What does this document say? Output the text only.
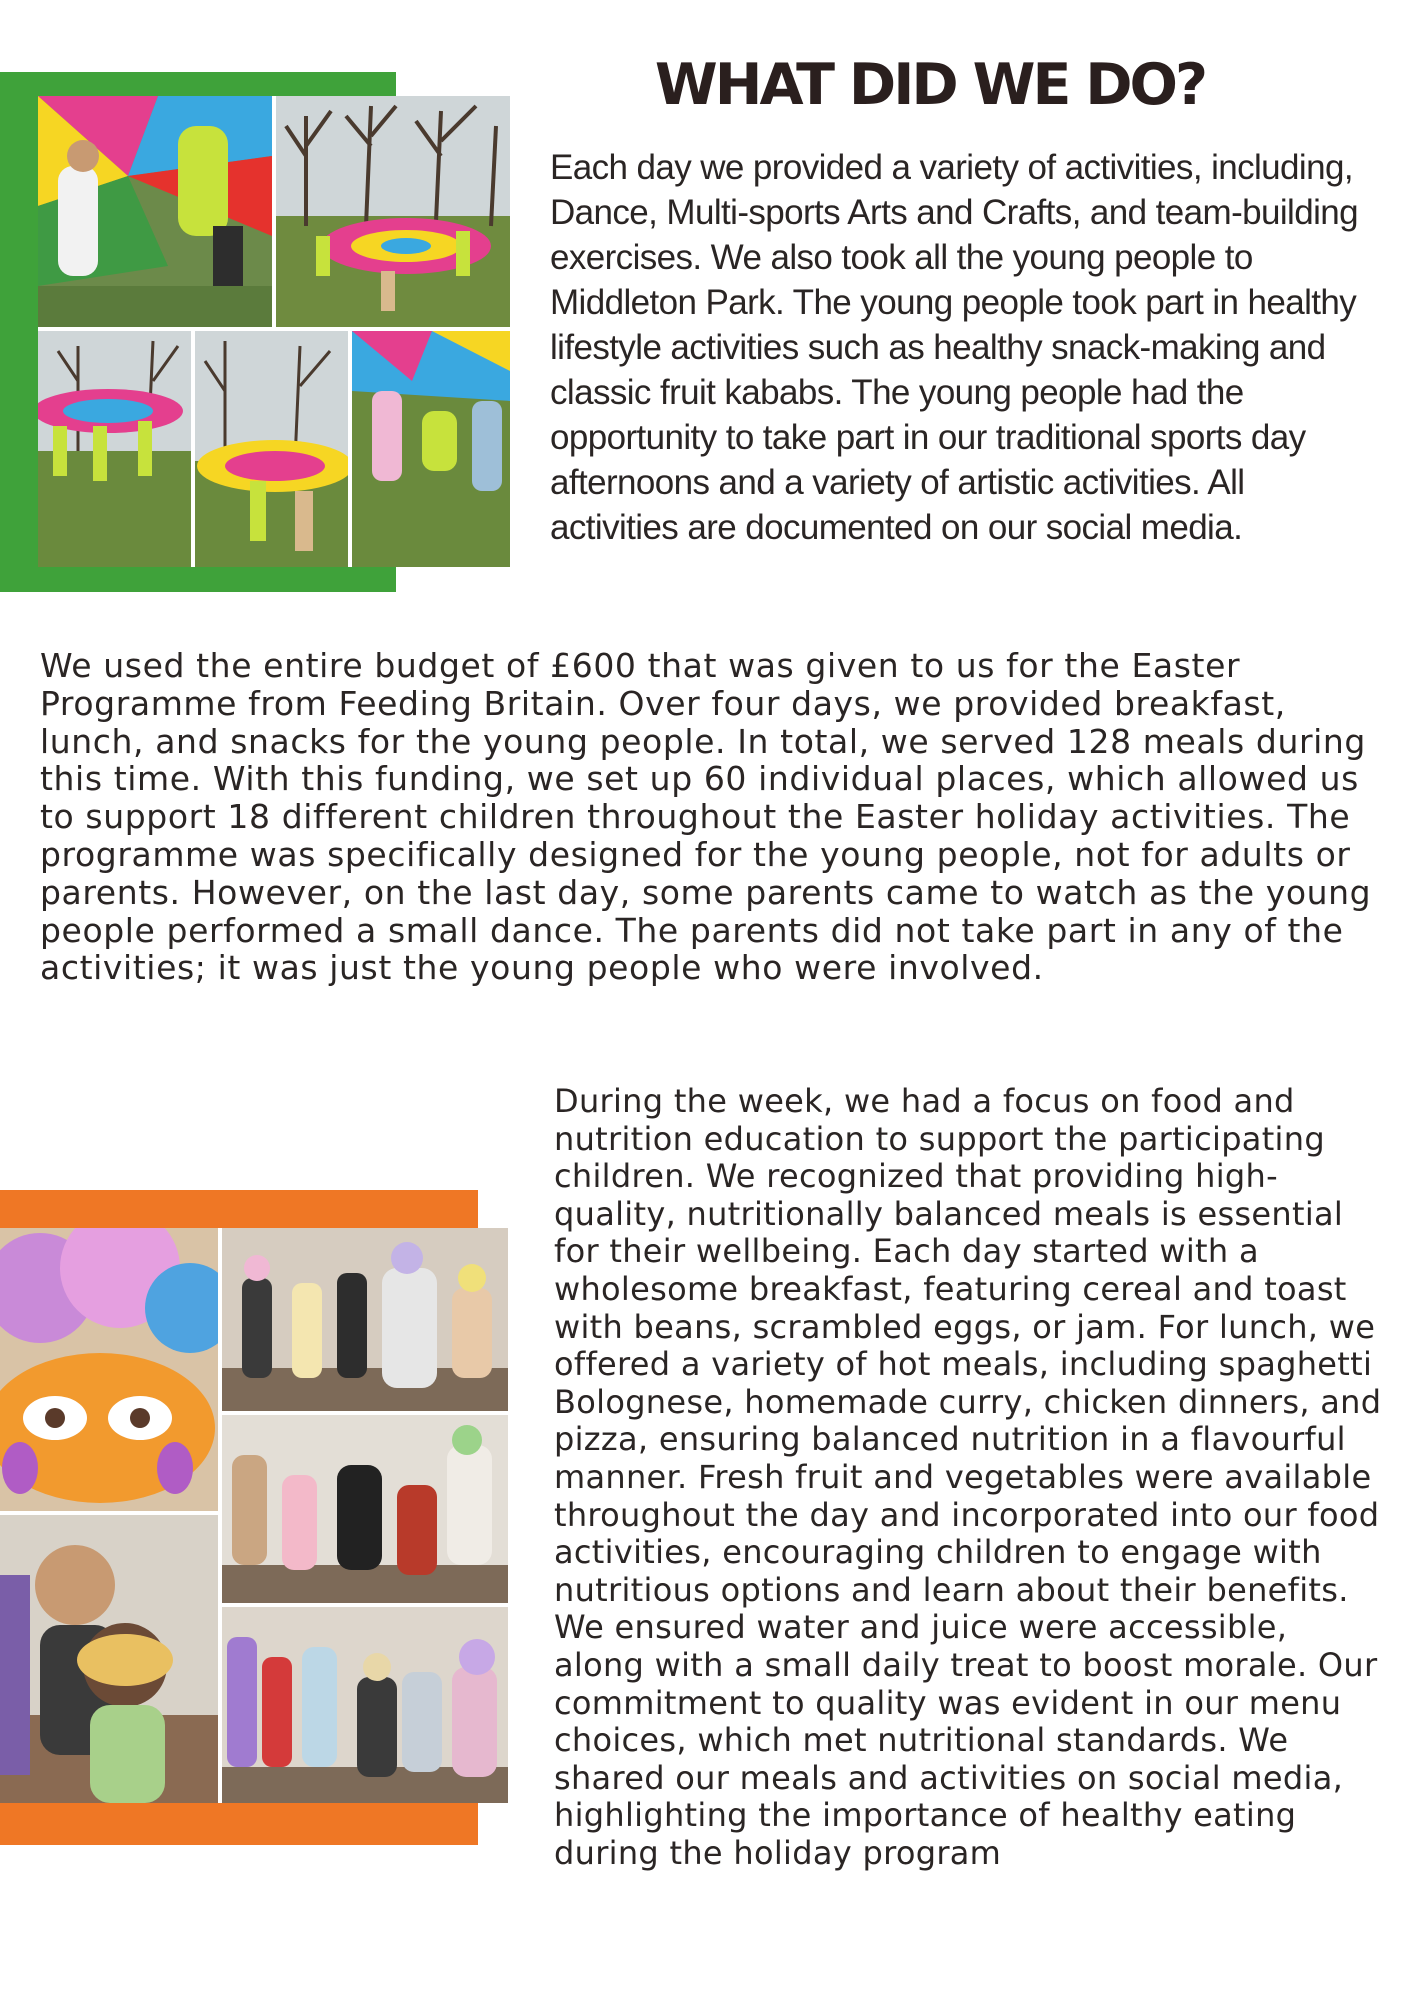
WHAT DID WE DO?

Each day we provided a variety of activities, including, Dance, Multi-sports Arts and Crafts, and team-building exercises. We also took all the young people to Middleton Park. The young people took part in healthy lifestyle activities such as healthy snack-making and classic fruit kababs. The young people had the opportunity to take part in our traditional sports day afternoons and a variety of artistic activities. All activities are documented on our social media.

We used the entire budget of £600 that was given to us for the Easter Programme from Feeding Britain. Over four days, we provided breakfast, lunch, and snacks for the young people. In total, we served 128 meals during this time. With this funding, we set up 60 individual places, which allowed us to support 18 different children throughout the Easter holiday activities. The programme was specifically designed for the young people, not for adults or parents. However, on the last day, some parents came to watch as the young people performed a small dance. The parents did not take part in any of the activities; it was just the young people who were involved.

During the week, we had a focus on food and nutrition education to support the participating children. We recognized that providing high-quality, nutritionally balanced meals is essential for their wellbeing. Each day started with a wholesome breakfast, featuring cereal and toast with beans, scrambled eggs, or jam. For lunch, we offered a variety of hot meals, including spaghetti Bolognese, homemade curry, chicken dinners, and pizza, ensuring balanced nutrition in a flavourful manner. Fresh fruit and vegetables were available throughout the day and incorporated into our food activities, encouraging children to engage with nutritious options and learn about their benefits. We ensured water and juice were accessible, along with a small daily treat to boost morale. Our commitment to quality was evident in our menu choices, which met nutritional standards. We shared our meals and activities on social media, highlighting the importance of healthy eating during the holiday program
